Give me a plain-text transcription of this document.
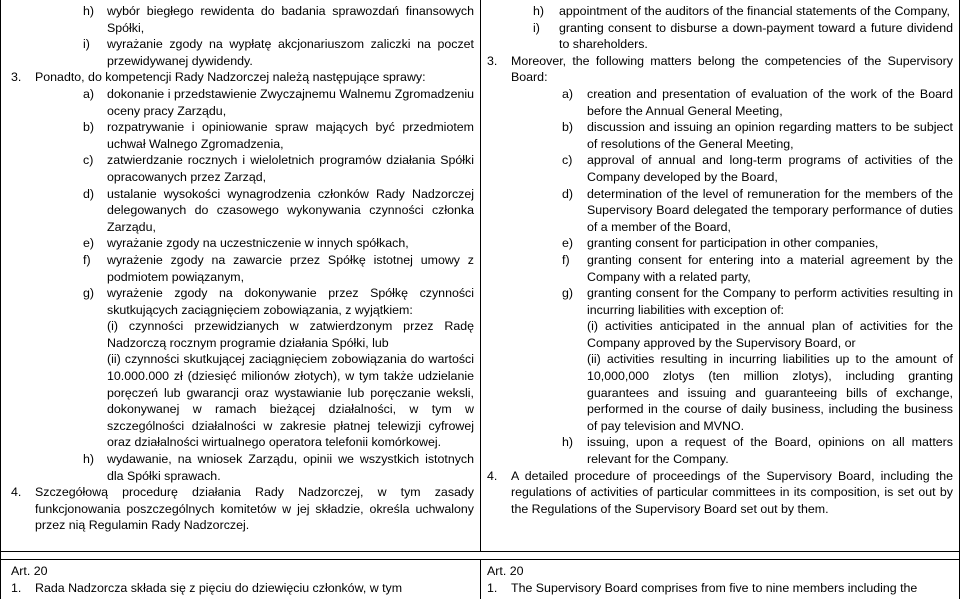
h) wybór biegłego rewidenta do badania sprawozdań finansowych Spółki,
i) wyrażanie zgody na wypłatę akcjonariuszom zaliczki na poczet przewidywanej dywidendy.
3. Ponadto, do kompetencji Rady Nadzorczej należą następujące sprawy:
a) dokonanie i przedstawienie Zwyczajnemu Walnemu Zgromadzeniu oceny pracy Zarządu,
b) rozpatrywanie i opiniowanie spraw mających być przedmiotem uchwał Walnego Zgromadzenia,
c) zatwierdzanie rocznych i wieloletnich programów działania Spółki opracowanych przez Zarząd,
d) ustalanie wysokości wynagrodzenia członków Rady Nadzorczej delegowanych do czasowego wykonywania czynności członka Zarządu,
e) wyrażanie zgody na uczestniczenie w innych spółkach,
f) wyrażenie zgody na zawarcie przez Spółkę istotnej umowy z podmiotem powiązanym,
g) wyrażenie zgody na dokonywanie przez Spółkę czynności skutkujących zaciągnięciem zobowiązania, z wyjątkiem:
(i) czynności przewidzianych w zatwierdzonym przez Radę Nadzorczą rocznym programie działania Spółki, lub
(ii) czynności skutkującej zaciągnięciem zobowiązania do wartości 10.000.000 zł (dziesięć milionów złotych), w tym także udzielanie poręczeń lub gwarancji oraz wystawianie lub poręczanie weksli, dokonywanej w ramach bieżącej działalności, w tym w szczególności działalności w zakresie płatnej telewizji cyfrowej oraz działalności wirtualnego operatora telefonii komórkowej.
h) wydawanie, na wniosek Zarządu, opinii we wszystkich istotnych dla Spółki sprawach.
4. Szczegółową procedurę działania Rady Nadzorczej, w tym zasady funkcjonowania poszczególnych komitetów w jej składzie, określa uchwalony przez nią Regulamin Rady Nadzorczej.
Art. 20
1. Rada Nadzorcza składa się z pięciu do dziewięciu członków, w tym
h) appointment of the auditors of the financial statements of the Company,
i) granting consent to disburse a down-payment toward a future dividend to shareholders.
3. Moreover, the following matters belong the competencies of the Supervisory Board:
a) creation and presentation of evaluation of the work of the Board before the Annual General Meeting,
b) discussion and issuing an opinion regarding matters to be subject of resolutions of the General Meeting,
c) approval of annual and long-term programs of activities of the Company developed by the Board,
d) determination of the level of remuneration for the members of the Supervisory Board delegated the temporary performance of duties of a member of the Board,
e) granting consent for participation in other companies,
f) granting consent for entering into a material agreement by the Company with a related party,
g) granting consent for the Company to perform activities resulting in incurring liabilities with exception of:
(i) activities anticipated in the annual plan of activities for the Company approved by the Supervisory Board, or
(ii) activities resulting in incurring liabilities up to the amount of 10,000,000 zlotys (ten million zlotys), including granting guarantees and issuing and guaranteeing bills of exchange, performed in the course of daily business, including the business of pay television and MVNO.
h) issuing, upon a request of the Board, opinions on all matters relevant for the Company.
4. A detailed procedure of proceedings of the Supervisory Board, including the regulations of activities of particular committees in its composition, is set out by the Regulations of the Supervisory Board set out by them.
Art. 20
1. The Supervisory Board comprises from five to nine members including the
